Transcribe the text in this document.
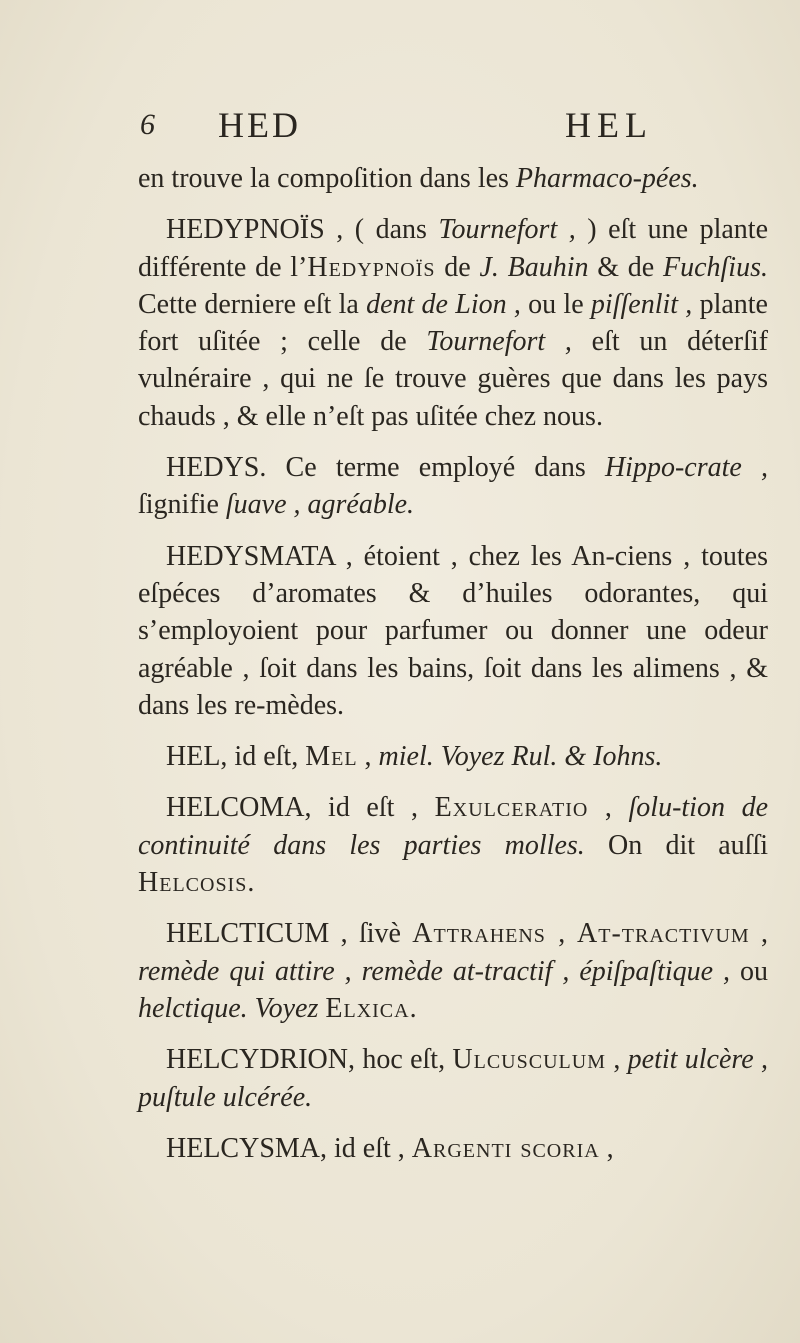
6 HED	HEL

en trouve la compoſition dans les Pharmaco-pées.

HEDYPNOÏS , ( dans Tournefort , ) eſt une plante différente de l’Hedypnoïs de J. Bauhin & de Fuchſius. Cette derniere eſt la dent de Lion , ou le piſſenlit , plante fort uſitée ; celle de Tournefort , eſt un déterſif vulnéraire , qui ne ſe trouve guères que dans les pays chauds , & elle n’eſt pas uſitée chez nous.

HEDYS. Ce terme employé dans Hippo-crate , ſignifie ſuave , agréable.

HEDYSMATA , étoient , chez les An-ciens , toutes eſpéces d’aromates & d’huiles odorantes, qui s’employoient pour parfumer ou donner une odeur agréable , ſoit dans les bains, ſoit dans les alimens , & dans les re-mèdes.

HEL, id eſt, Mel , miel. Voyez Rul. & Iohns.

HELCOMA, id eſt , Exulceratio , ſolu-tion de continuité dans les parties molles. On dit auſſi Helcosis.

HELCTICUM , ſivè Attrahens , At-tractivum , remède qui attire , remède at-tractif , épiſpaſtique , ou helctique. Voyez Elxica.

HELCYDRION, hoc eſt, Ulcusculum , petit ulcère , puſtule ulcérée.

HELCYSMA, id eſt , Argenti scoria ,
